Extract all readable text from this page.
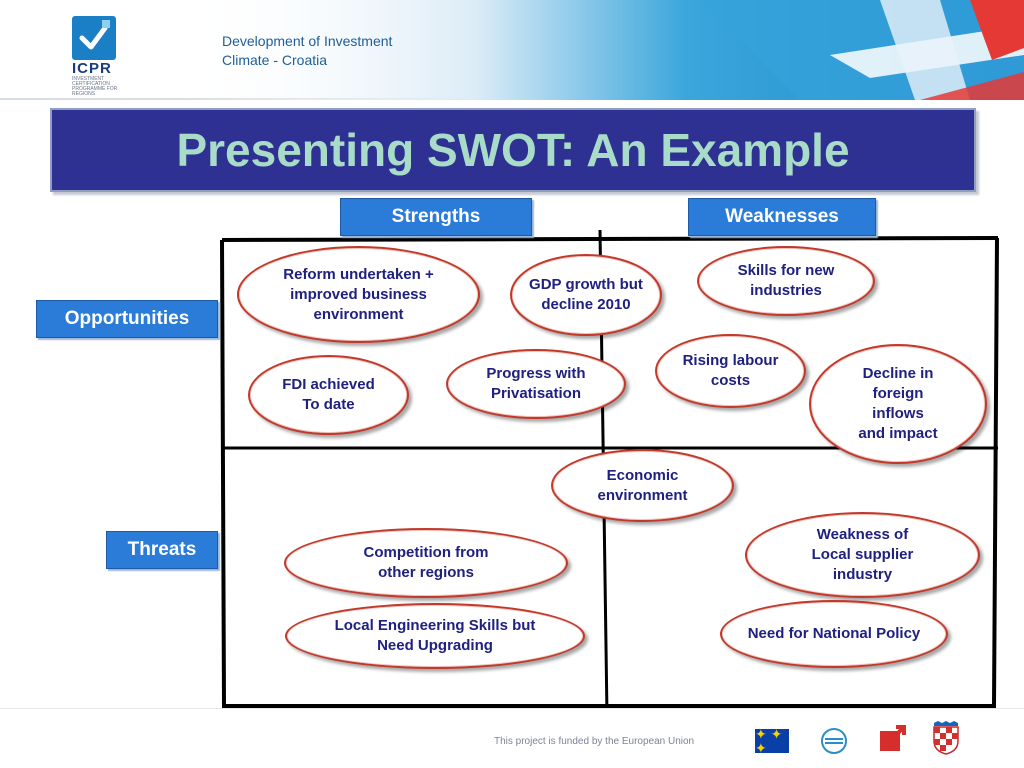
ICPR
INVESTMENT CERTIFICATION PROGRAMME FOR REGIONS
Development of Investment
Climate - Croatia
Presenting SWOT: An Example
Strengths	Weaknesses
Opportunities
Threats
Reform undertaken +
improved business
environment
GDP growth but
decline 2010
Skills for new
industries
FDI achieved
To date
Progress with
Privatisation
Rising labour
costs	Decline in
foreign
inflows
and impact
Economic
environment
Competition from
other regions
Weakness of
Local supplier
industry
Local Engineering Skills but
Need Upgrading
Need for National Policy
This project is funded by the European Union	✦ ✦ ✦
